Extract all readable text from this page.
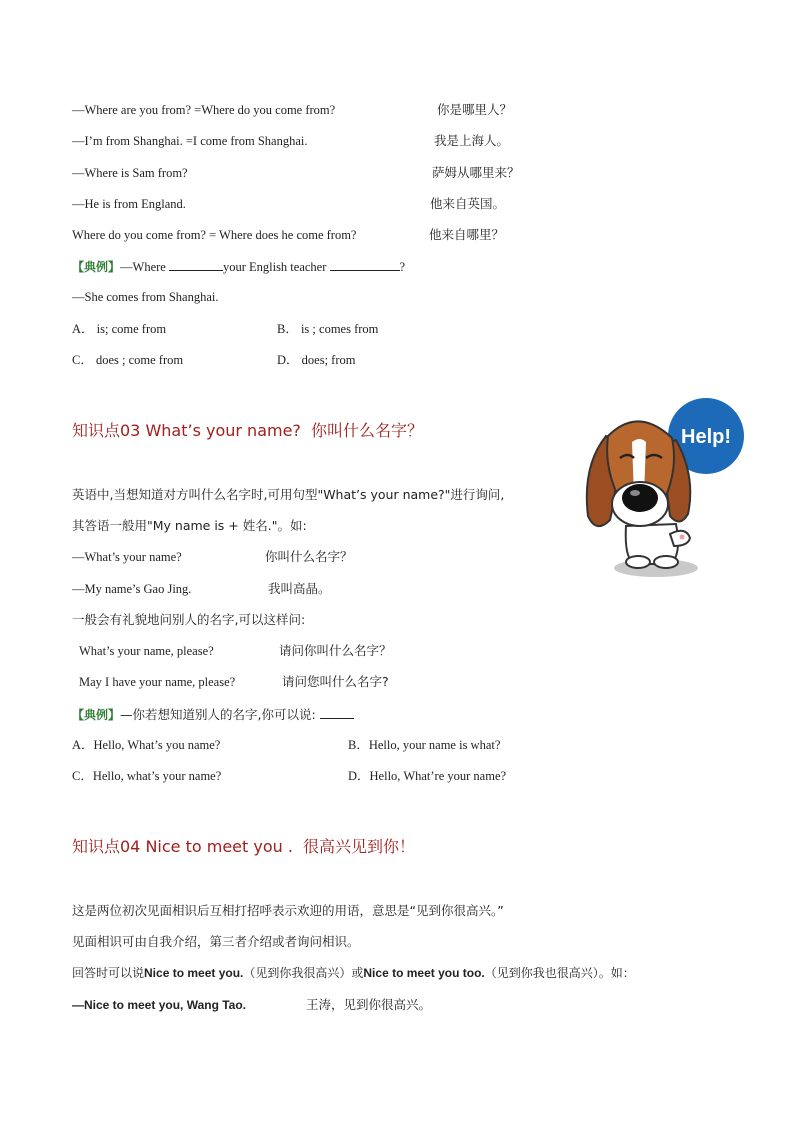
—Where are you from? =Where do you come from?	你是哪里人？
—I’m from Shanghai. =I come from Shanghai.	我是上海人。
—Where is Sam from?	萨姆从哪里来？
—He is from England.	他来自英国。
Where do you come from? = Where does he come from?	他来自哪里？
【典例】—Where	your English teacher	?
—She comes from Shanghai.
A． is; come from	B． is ; comes from
C． does ; come from	D． does; from
知识点03 What’s your name? 你叫什么名字？	Help!
英语中,当想知道对方叫什么名字时,可用句型"What’s your name?"进行询问,
其答语一般用"My name is + 姓名."。如:
—What’s your name?	你叫什么名字？
—My name’s Gao Jing.	我叫高晶。
一般会有礼貌地问别人的名字,可以这样问:
What’s your name, please?	请问你叫什么名字？
May I have your name, please?	请问您叫什么名字?
【典例】—你若想知道别人的名字,你可以说:
A．Hello, What’s you name?	B．Hello, your name is what?
C．Hello, what’s your name?	D．Hello, What’re your name?
知识点04 Nice to meet you . 很高兴见到你！
这是两位初次见面相识后互相打招呼表示欢迎的用语，意思是“见到你很高兴。”
见面相识可由自我介绍，第三者介绍或者询问相识。
回答时可以说Nice to meet you.（见到你我很高兴）或Nice to meet you too.（见到你我也很高兴）。如：
—Nice to meet you, Wang Tao.	王涛，见到你很高兴。
